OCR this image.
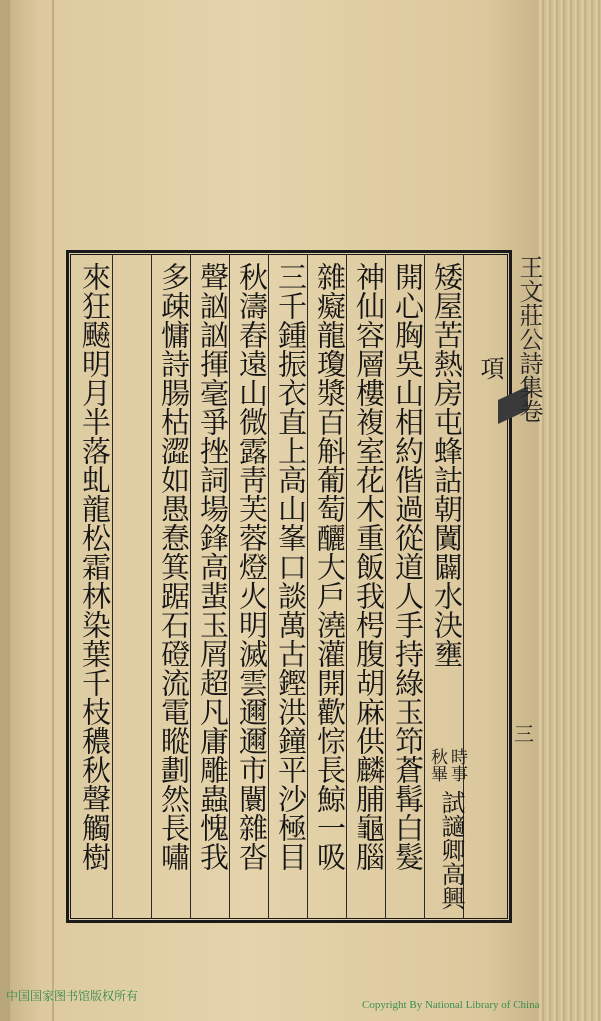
王文莊公詩集卷
三
項
矮屋苦熱房屯蜂詁朝闐闢水決壅
時事
秋畢
試讁卿高興
開心胸吳山相約偕過從道人手持綠玉笻蒼髯白髮
神仙容層樓複室花木重飯我枵腹胡麻供麟脯龜腦
雜癡龍瓊漿百斛葡萄釃大戶澆灌開歡悰長鯨一吸
三千鍾振衣直上高山峯口談萬古鏗洪鐘平沙極目
秋濤舂遠山微露靑芙蓉燈火明滅雲邇邇市闤雜沓
聲訩訩揮毫爭挫詞場鋒高蜚玉屑超凡庸雕蟲愧我
多疎慵詩腸枯澀如愚惷箕踞石磴流電瞛劃然長嘯
來狂飇明月半落虬龍松霜林染葉千枝穠秋聲觸樹
中国国家图书馆版权所有
Copyright By National Library of China
